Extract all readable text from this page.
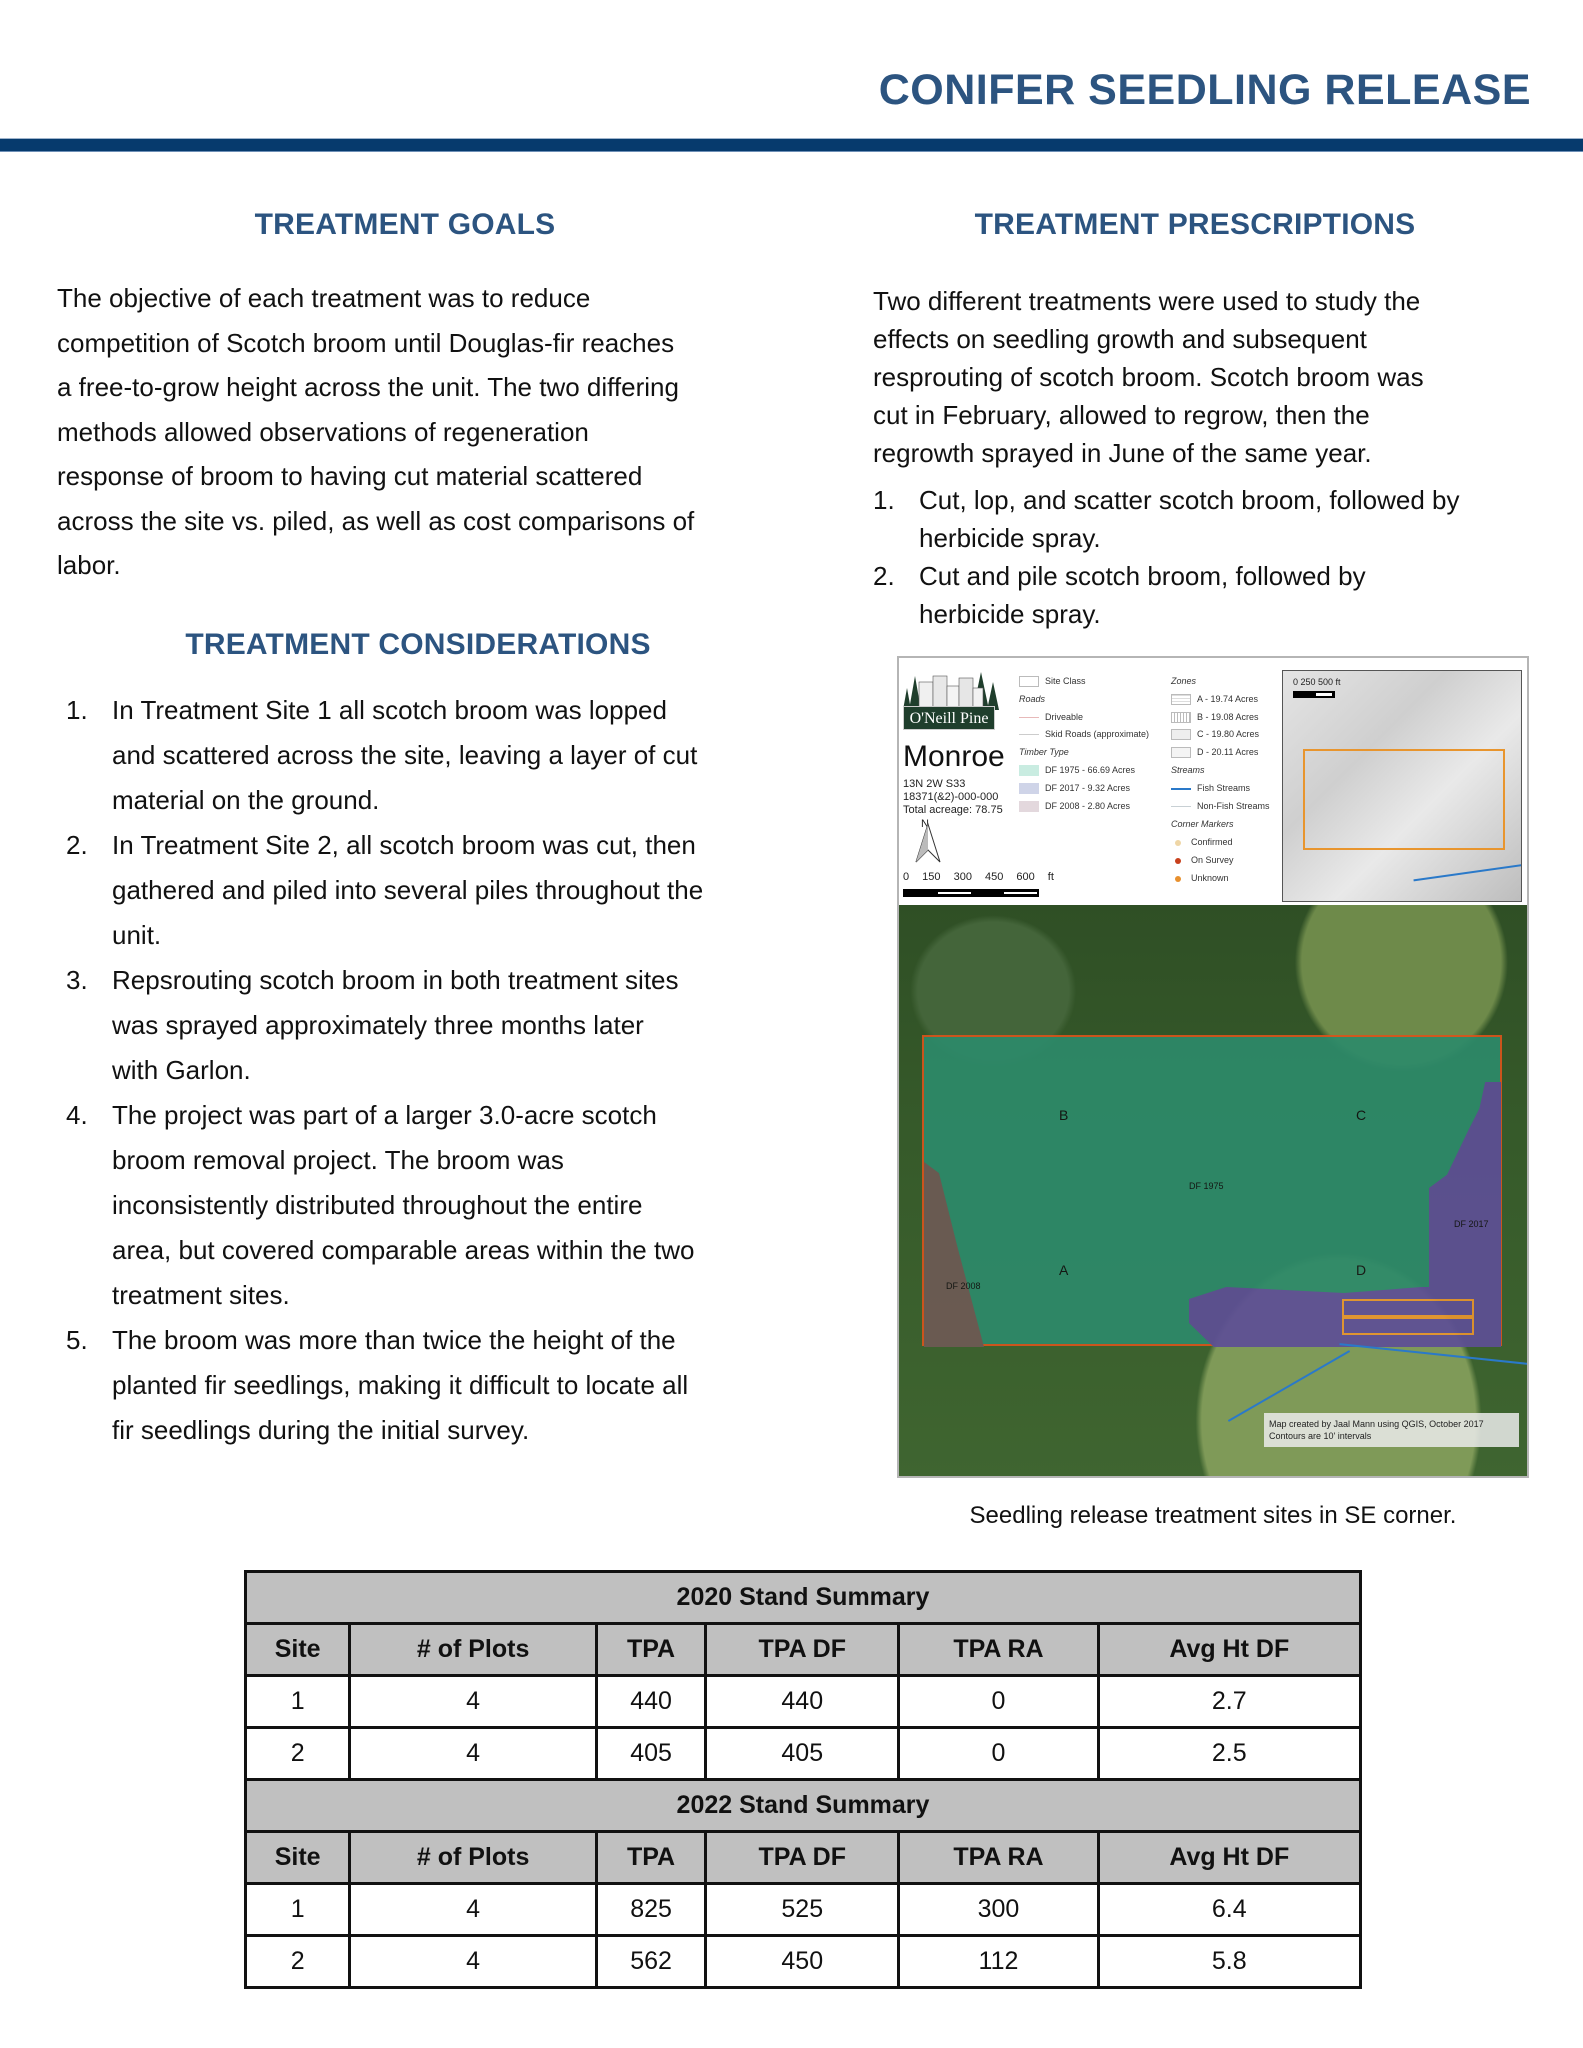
CONIFER SEEDLING RELEASE
TREATMENT GOALS
The objective of each treatment was to reduce
competition of Scotch broom until Douglas-fir reaches
a free-to-grow height across the unit. The two differing
methods allowed observations of regeneration
response of broom to having cut material scattered
across the site vs. piled, as well as cost comparisons of
labor.
TREATMENT CONSIDERATIONS
1. In Treatment Site 1 all scotch broom was lopped
and scattered across the site, leaving a layer of cut
material on the ground.
2. In Treatment Site 2, all scotch broom was cut, then
gathered and piled into several piles throughout the
unit.
3. Repsrouting scotch broom in both treatment sites
was sprayed approximately three months later
with Garlon.
4. The project was part of a larger 3.0-acre scotch
broom removal project. The broom was
inconsistently distributed throughout the entire
area, but covered comparable areas within the two
treatment sites.
5. The broom was more than twice the height of the
planted fir seedlings, making it difficult to locate all
fir seedlings during the initial survey.
TREATMENT PRESCRIPTIONS
Two different treatments were used to study the
effects on seedling growth and subsequent
resprouting of scotch broom. Scotch broom was
cut in February, allowed to regrow, then the
regrowth sprayed in June of the same year.
1. Cut, lop, and scatter scotch broom, followed by
herbicide spray.
2. Cut and pile scotch broom, followed by
herbicide spray.
O'Neill Pine
Monroe
13N 2W S33
18371(&2)-000-000
Total acreage: 78.75
N
0 150 300 450 600 ft
Site Class
Roads
Driveable
Skid Roads (approximate)
Timber Type
DF 1975 - 66.69 Acres
DF 2017 - 9.32 Acres
DF 2008 - 2.80 Acres
Zones
A - 19.74 Acres
B - 19.08 Acres
C - 19.80 Acres
D - 20.11 Acres
Streams
Fish Streams
Non-Fish Streams
Corner Markers
Confirmed
On Survey
Unknown
0 250 500 ft
B
A
C
D
DF 1975
DF 2008
DF 2017
Map created by Jaal Mann using QGIS, October 2017
Contours are 10' intervals
Seedling release treatment sites in SE corner.
2020 Stand Summary					
Site	# of Plots	TPA	TPA DF	TPA RA	Avg Ht DF
1	4	440	440	0	2.7
2	4	405	405	0	2.5
2022 Stand Summary					
Site	# of Plots	TPA	TPA DF	TPA RA	Avg Ht DF
1	4	825	525	300	6.4
2	4	562	450	112	5.8
